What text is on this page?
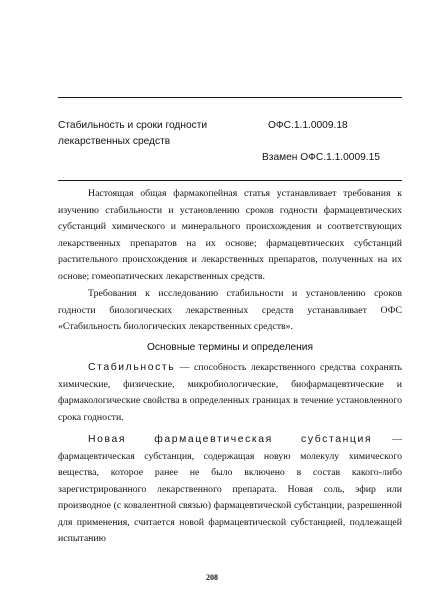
Стабильность и сроки годности лекарственных средств
ОФС.1.1.0009.18
Взамен ОФС.1.1.0009.15

Настоящая общая фармакопейная статья устанавливает требования к изучению стабильности и установлению сроков годности фармацевтических субстанций химического и минерального происхождения и соответствующих лекарственных препаратов на их основе; фармацевтических субстанций растительного происхождения и лекарственных препаратов, полученных на их основе; гомеопатических лекарственных средств.

Требования к исследованию стабильности и установлению сроков годности биологических лекарственных средств устанавливает ОФС «Стабильность биологических лекарственных средств».

Основные термины и определения

Стабильность — способность лекарственного средства сохранять химические, физические, микробиологические, биофармацевтические и фармакологические свойства в определенных границах в течение установленного срока годности.

Новая фармацевтическая субстанция — фармацевтическая субстанция, содержащая новую молекулу химического вещества, которое ранее не было включено в состав какого-либо зарегистрированного лекарственного препарата. Новая соль, эфир или производное (с ковалентной связью) фармацевтической субстанции, разрешенной для применения, считается новой фармацевтической субстанцией, подлежащей испытанию

208
